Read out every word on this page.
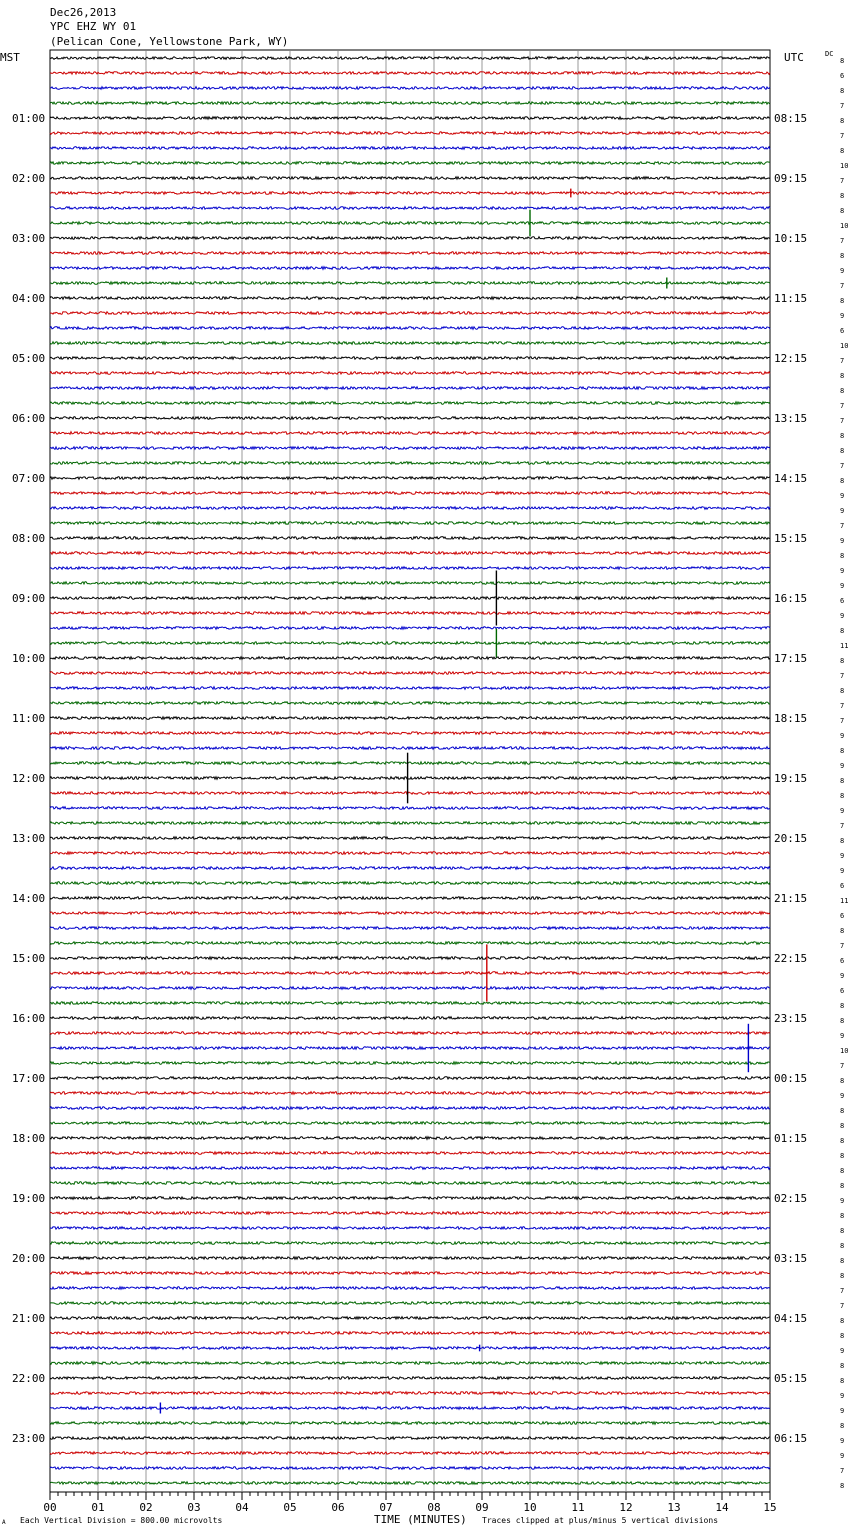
Dec26,2013
YPC EHZ WY 01
(Pelican Cone, Yellowstone Park, WY)
MST	UTC	DC
8
6
8
7
8
01:00	08:15
7
8
10
7
02:00	09:15
8
8
10
7
03:00	10:15
8
9
7
8
04:00	11:15
9
6
10
7
05:00	12:15
8
8
7
7
06:00	13:15
8
8
7
8
07:00	14:15
9
9
7
9
08:00	15:15
8
9
9
6
09:00	16:15
9
8
11
8
10:00	17:15
7
8
7
7
11:00	18:15
9
8
9
8
12:00	19:15
8
9
7
8
13:00	20:15
9
9
6
11
14:00	21:15
6
8
7
6
15:00	22:15
9
6
8
8
16:00	23:15
9
10
7
8
17:00	00:15
9
8
8
8
18:00	01:15
8
8
8
9
19:00	02:15
8
8
8
8
20:00	03:15
8
7
7
8
21:00	04:15
8
9
8
8
22:00	05:15
9
9
8
9
23:00	06:15
9
7
8
00	01	02	03	04	05	06	07	08	09	10	11	12	13	14	15
A Each Vertical Division = 800.00 microvolts	TIME (MINUTES) Traces clipped at plus/minus 5 vertical divisions
